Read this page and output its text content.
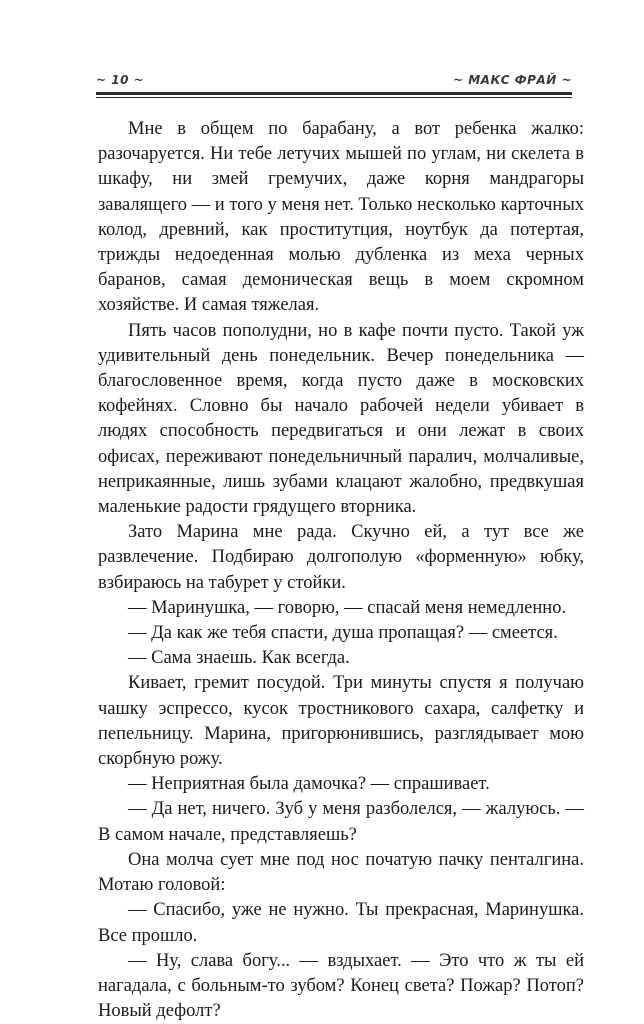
~ 10 ~	~ МАКС ФРАЙ ~

Мне в общем по барабану, а вот ребенка жалко: разочаруется. Ни тебе летучих мышей по углам, ни скелета в шкафу, ни змей гремучих, даже корня мандрагоры завалящего — и того у меня нет. Только несколько карточных колод, древний, как проститутция, ноутбук да потертая, трижды недоеденная молью дубленка из меха черных баранов, самая демоническая вещь в моем скромном хозяйстве. И самая тяжелая.

Пять часов пополудни, но в кафе почти пусто. Такой уж удивительный день понедельник. Вечер понедельника — благословенное время, когда пусто даже в московских кофейнях. Словно бы начало рабочей недели убивает в людях способность передвигаться и они лежат в своих офисах, переживают понедельничный паралич, молчаливые, неприкаянные, лишь зубами клацают жалобно, предвкушая маленькие радости грядущего вторника.

Зато Марина мне рада. Скучно ей, а тут все же развлечение. Подбираю долгополую «форменную» юбку, взбираюсь на табурет у стойки.

— Маринушка, — говорю, — спасай меня немедленно.

— Да как же тебя спасти, душа пропащая? — смеется.

— Сама знаешь. Как всегда.

Кивает, гремит посудой. Три минуты спустя я получаю чашку эспрессо, кусок тростникового сахара, салфетку и пепельницу. Марина, пригорюнившись, разглядывает мою скорбную рожу.

— Неприятная была дамочка? — спрашивает.

— Да нет, ничего. Зуб у меня разболелся, — жалуюсь. — В самом начале, представляешь?

Она молча сует мне под нос початую пачку пенталгина. Мотаю головой:

— Спасибо, уже не нужно. Ты прекрасная, Маринушка. Все прошло.

— Ну, слава богу... — вздыхает. — Это что ж ты ей нагадала, с больным-то зубом? Конец света? Пожар? Потоп? Новый дефолт?
